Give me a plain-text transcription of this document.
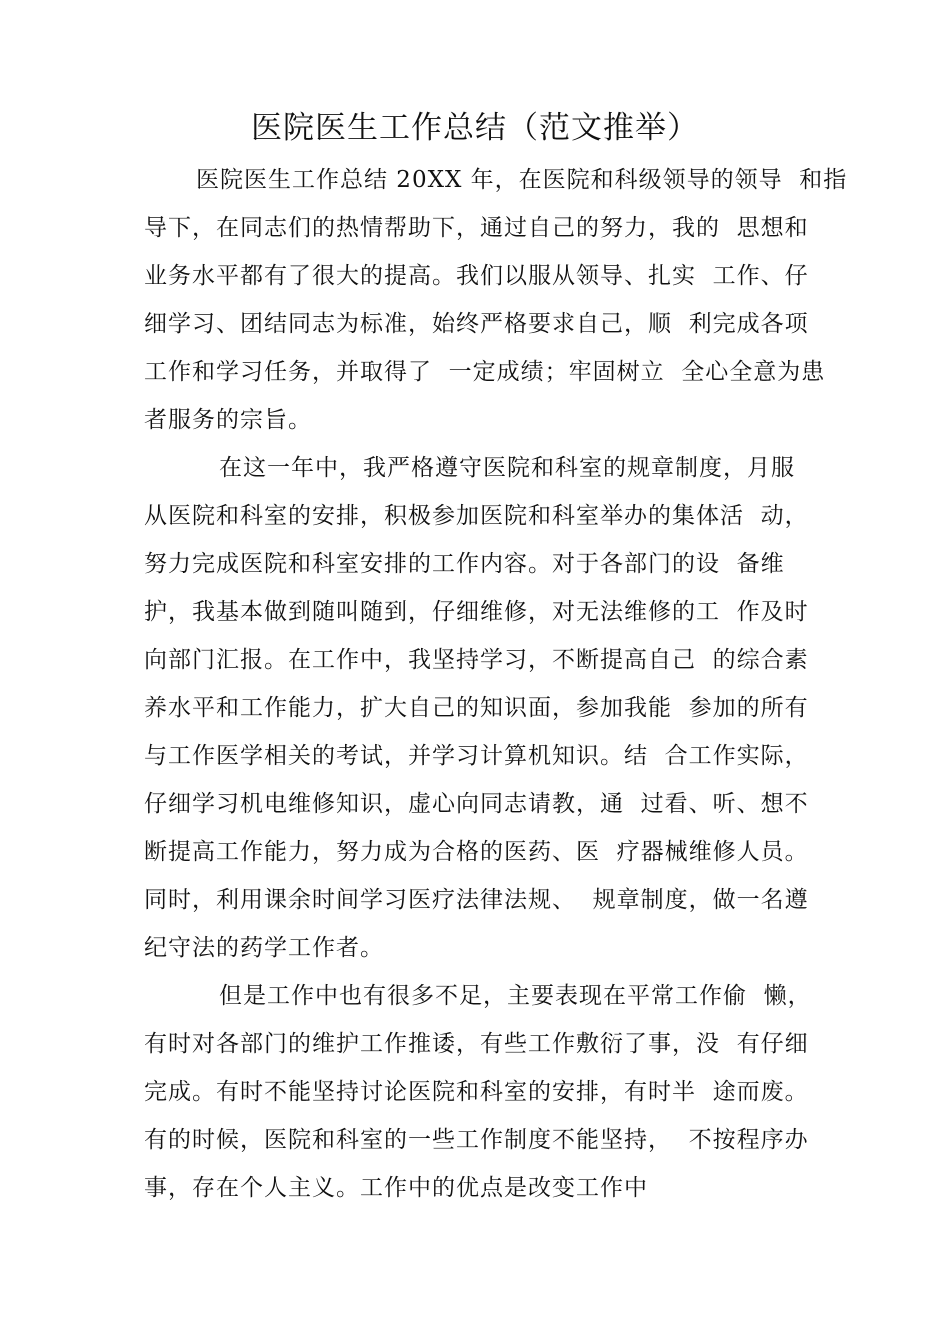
医院医生工作总结（范文推举）
医院医生工作总结 20XX 年，在医院和科级领导的领导  和指
导下，在同志们的热情帮助下，通过自己的努力，我的  思想和
业务水平都有了很大的提高。我们以服从领导、扎实  工作、仔
细学习、团结同志为标准，始终严格要求自己，顺  利完成各项
工作和学习任务，并取得了  一定成绩；牢固树立  全心全意为患
者服务的宗旨。
在这一年中，我严格遵守医院和科室的规章制度，月服
从医院和科室的安排，积极参加医院和科室举办的集体活  动，
努力完成医院和科室安排的工作内容。对于各部门的设  备维
护，我基本做到随叫随到，仔细维修，对无法维修的工  作及时
向部门汇报。在工作中，我坚持学习，不断提高自己  的综合素
养水平和工作能力，扩大自己的知识面，参加我能  参加的所有
与工作医学相关的考试，并学习计算机知识。结  合工作实际，
仔细学习机电维修知识，虚心向同志请教，通  过看、听、想不
断提高工作能力，努力成为合格的医药、医  疗器械维修人员。
同时，利用课余时间学习医疗法律法规、  规章制度，做一名遵
纪守法的药学工作者。
但是工作中也有很多不足，主要表现在平常工作偷  懒，
有时对各部门的维护工作推诿，有些工作敷衍了事，没  有仔细
完成。有时不能坚持讨论医院和科室的安排，有时半  途而废。
有的时候，医院和科室的一些工作制度不能坚持，  不按程序办
事，存在个人主义。工作中的优点是改变工作中
